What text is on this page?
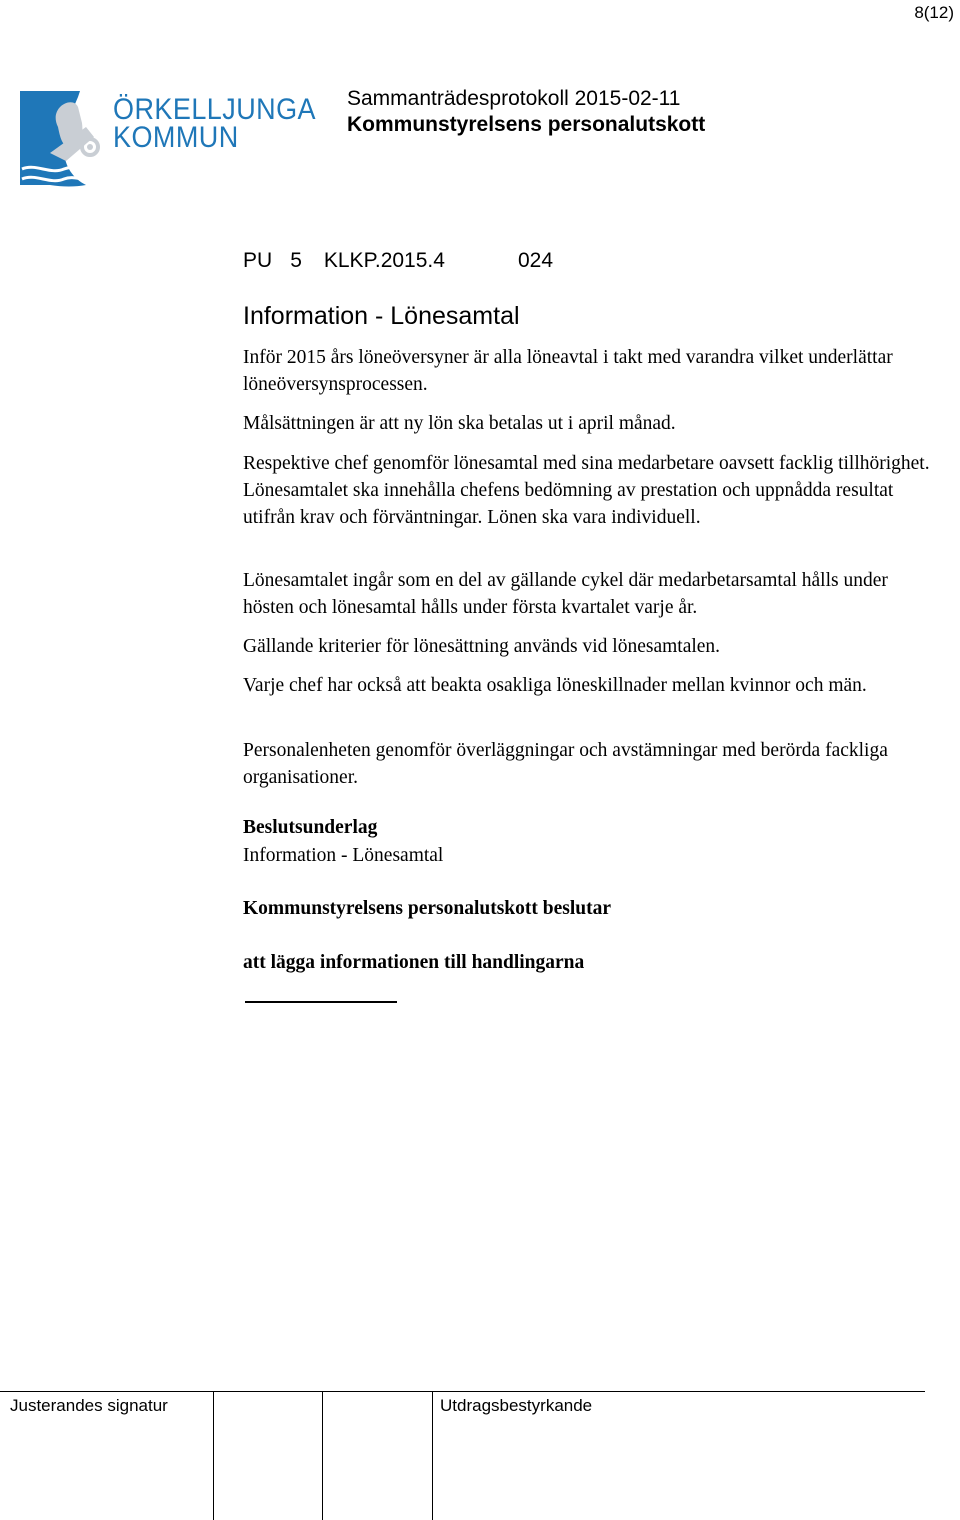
8(12)
ÖRKELLJUNGA
KOMMUN
Sammanträdesprotokoll 2015-02-11
Kommunstyrelsens personalutskott
PU 5 KLKP.2015.4	024
Information - Lönesamtal

Inför 2015 års löneöversyner är alla löneavtal i takt med varandra vilket underlättar löneöversynsprocessen.

Målsättningen är att ny lön ska betalas ut i april månad.

Respektive chef genomför lönesamtal med sina medarbetare oavsett facklig tillhörighet. Lönesamtalet ska innehålla chefens bedömning av prestation och uppnådda resultat utifrån krav och förväntningar. Lönen ska vara individuell.

Lönesamtalet ingår som en del av gällande cykel där medarbetarsamtal hålls under hösten och lönesamtal hålls under första kvartalet varje år.

Gällande kriterier för lönesättning används vid lönesamtalen.

Varje chef har också att beakta osakliga löneskillnader mellan kvinnor och män.

Personalenheten genomför överläggningar och avstämningar med berörda fackliga organisationer.

Beslutsunderlag
Information - Lönesamtal
Kommunstyrelsens personalutskott beslutar
att lägga informationen till handlingarna
Justerandes signatur	Utdragsbestyrkande
